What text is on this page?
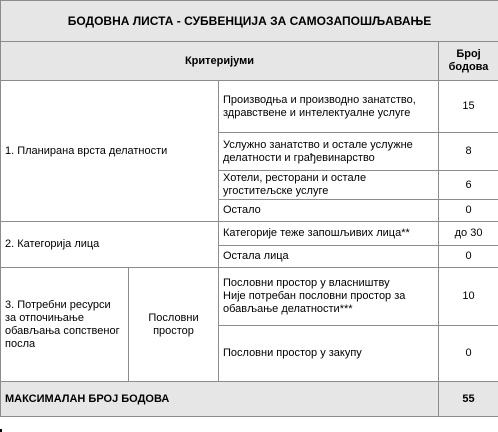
БОДОВНА ЛИСТА - СУБВЕНЦИЈА ЗА САМОЗАПОШЉАВАЊЕ			
Критеријуми			Број
бодова

1. Планирана врста делатности		Производња и производно занатство, здравствене и интелектуалне услуге	15
		Услужно занатство и остале услужне делатности и грађевинарство	8
		Хотели, ресторани и остале угоститељске услуге	6
		Остало	0
2. Категорија лица		Категорије теже запошљивих лица**	до 30
		Остала лица	0
3. Потребни ресурси за отпочињање обављања сопственог посла	Пословни простор	Пословни простор у власништву
Није потребан пословни простор за обављање делатности***	10
		Пословни простор у закупу	0
МАКСИМАЛАН БРОЈ БОДОВА			55
